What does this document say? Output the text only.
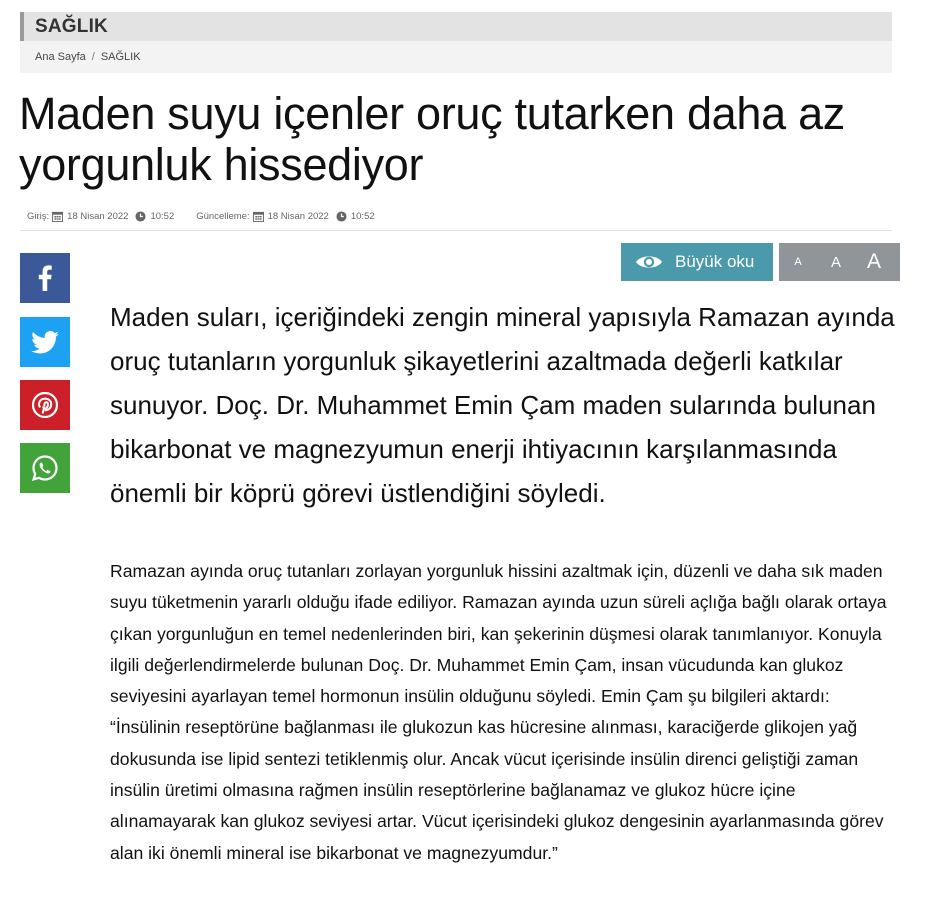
SAĞLIK
Ana Sayfa / SAĞLIK
Maden suyu içenler oruç tutarken daha az yorgunluk hissediyor
Giriş: 18 Nisan 2022 10:52 Güncelleme: 18 Nisan 2022 10:52
Büyük oku	A	A	A

Maden suları, içeriğindeki zengin mineral yapısıyla Ramazan ayında oruç tutanların yorgunluk şikayetlerini azaltmada değerli katkılar sunuyor. Doç. Dr. Muhammet Emin Çam maden sularında bulunan bikarbonat ve magnezyumun enerji ihtiyacının karşılanmasında önemli bir köprü görevi üstlendiğini söyledi.

Ramazan ayında oruç tutanları zorlayan yorgunluk hissini azaltmak için, düzenli ve daha sık maden suyu tüketmenin yararlı olduğu ifade ediliyor. Ramazan ayında uzun süreli açlığa bağlı olarak ortaya çıkan yorgunluğun en temel nedenlerinden biri, kan şekerinin düşmesi olarak tanımlanıyor. Konuyla ilgili değerlendirmelerde bulunan Doç. Dr. Muhammet Emin Çam, insan vücudunda kan glukoz seviyesini ayarlayan temel hormonun insülin olduğunu söyledi. Emin Çam şu bilgileri aktardı: “İnsülinin reseptörüne bağlanması ile glukozun kas hücresine alınması, karaciğerde glikojen yağ dokusunda ise lipid sentezi tetiklenmiş olur. Ancak vücut içerisinde insülin direnci geliştiği zaman insülin üretimi olmasına rağmen insülin reseptörlerine bağlanamaz ve glukoz hücre içine alınamayarak kan glukoz seviyesi artar. Vücut içerisindeki glukoz dengesinin ayarlanmasında görev alan iki önemli mineral ise bikarbonat ve magnezyumdur.”
